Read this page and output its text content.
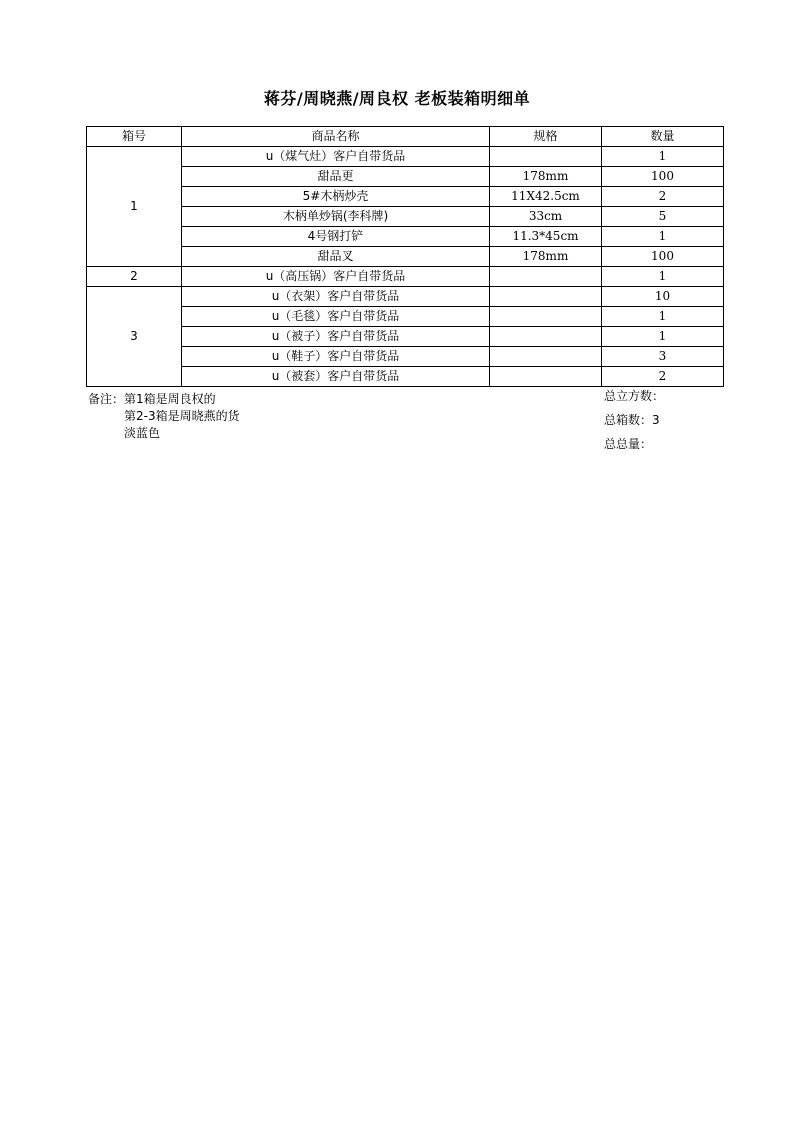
蒋芬/周晓燕/周良权 老板装箱明细单
箱号	商品名称	规格	数量
1	u（煤气灶）客户自带货品		1
	甜品更	178mm	100
	5#木柄炒壳	11X42.5cm	2
	木柄单炒锅(李科牌)	33cm	5
	4号钢打铲	11.3*45cm	1
	甜品叉	178mm	100
2	u（高压锅）客户自带货品		1
3	u（衣架）客户自带货品		10
	u（毛毯）客户自带货品		1
	u（被子）客户自带货品		1
	u（鞋子）客户自带货品		3
	u（被套）客户自带货品		2
备注：第1箱是周良权的
第2-3箱是周晓燕的货
淡蓝色
总立方数：
总箱数：3
总总量：
